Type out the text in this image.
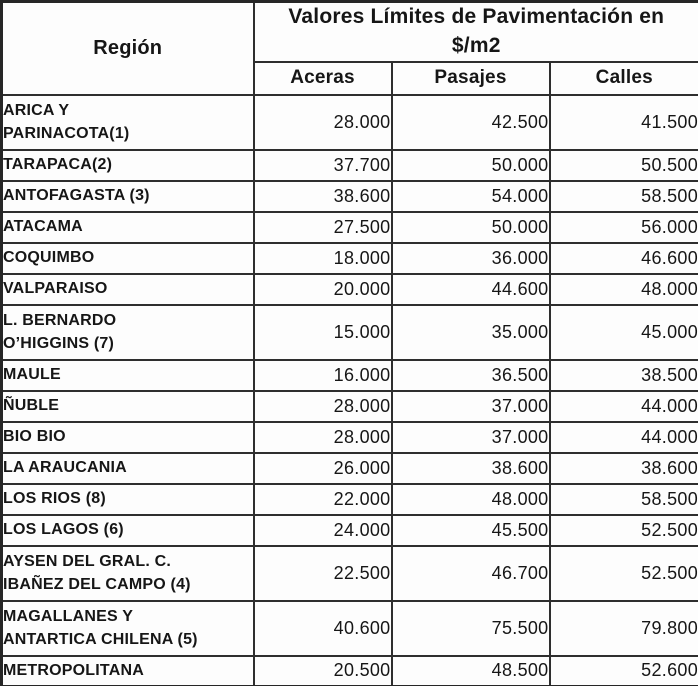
Región	Valores Límites de Pavimentación en
$/m2		

	Aceras	Pasajes	Calles

ARICA Y
PARINACOTA(1)	28.000	42.500	41.500

TARAPACA(2)	37.700	50.000	50.500

ANTOFAGASTA (3)	38.600	54.000	58.500

ATACAMA	27.500	50.000	56.000

COQUIMBO	18.000	36.000	46.600

VALPARAISO	20.000	44.600	48.000

L. BERNARDO
O’HIGGINS (7)	15.000	35.000	45.000

MAULE	16.000	36.500	38.500

ÑUBLE	28.000	37.000	44.000

BIO BIO	28.000	37.000	44.000

LA ARAUCANIA	26.000	38.600	38.600

LOS RIOS (8)	22.000	48.000	58.500

LOS LAGOS (6)	24.000	45.500	52.500

AYSEN DEL GRAL. C.
IBAÑEZ DEL CAMPO (4)	22.500	46.700	52.500

MAGALLANES Y
ANTARTICA CHILENA (5)	40.600	75.500	79.800

METROPOLITANA	20.500	48.500	52.600
